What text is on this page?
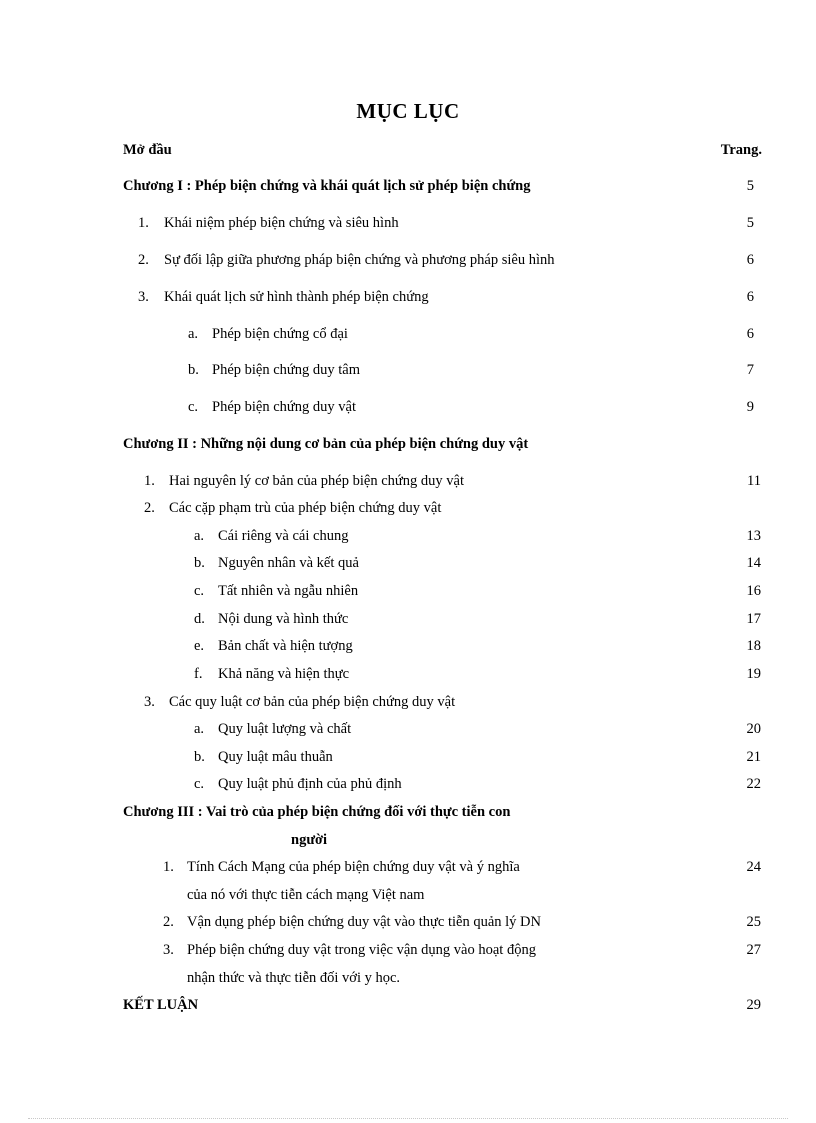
MỤC LỤC
Mở đầu	Trang.
Chương I : Phép biện chứng và khái quát lịch sử phép biện chứng	5
1. Khái niệm phép biện chứng và siêu hình	5
2. Sự đối lập giữa phương pháp biện chứng và phương pháp siêu hình	6
3. Khái quát lịch sử hình thành phép biện chứng	6
a. Phép biện chứng cổ đại	6
b. Phép biện chứng duy tâm	7
c. Phép biện chứng duy vật	9
Chương II : Những nội dung cơ bản của phép biện chứng duy vật
1. Hai nguyên lý cơ bản của phép biện chứng duy vật	11
2. Các cặp phạm trù của phép biện chứng duy vật
a. Cái riêng và cái chung	13
b. Nguyên nhân và kết quả	14
c. Tất nhiên và ngẫu nhiên	16
d. Nội dung và hình thức	17
e. Bản chất và hiện tượng	18
f. Khả năng và hiện thực	19
3. Các quy luật cơ bản của phép biện chứng duy vật
a. Quy luật lượng và chất	20
b. Quy luật mâu thuẫn	21
c. Quy luật phủ định của phủ định	22
Chương III : Vai trò của phép biện chứng đối với thực tiễn con
người
1. Tính Cách Mạng của phép biện chứng duy vật và ý nghĩa	24
của nó với thực tiễn cách mạng Việt nam
2. Vận dụng phép biện chứng duy vật vào thực tiễn quản lý DN	25
3. Phép biện chứng duy vật trong việc vận dụng vào hoạt động	27
nhận thức và thực tiễn đối với y học.
KẾT LUẬN	29
